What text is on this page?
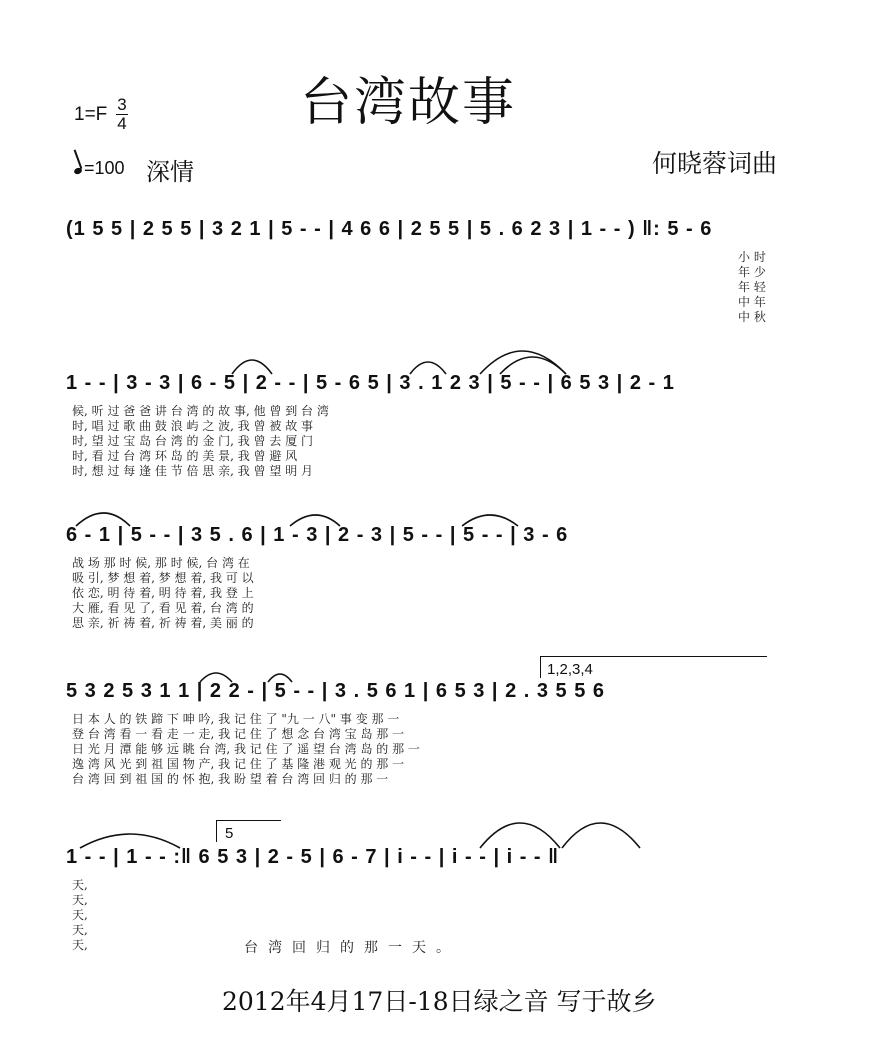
台湾故事
1=F 3
4
=100 深情	何晓蓉词曲
(1 5 5 | 2 5 5 | 3 2 1 | 5 - - | 4 6 6 | 2 5 5 | 5 . 6 2 3 | 1 - - ) ‖: 5 - 6
1 - - | 3 - 3 | 6 - 5 | 2 - - | 5 - 6 5 | 3 . 1 2 3 | 5 - - | 6 5 3 | 2 - 1
6 - 1 | 5 - - | 3 5 . 6 | 1 - 3 | 2 - 3 | 5 - - | 5 - - | 3 - 6
5 3 2 5 3 1 1 | 2 2 - | 5 - - | 3 . 5 6 1 | 6 5 3 | 2 . 3 5 5 6
1 - - | 1 - - :‖ 6 5 3 | 2 - 5 | 6 - 7 | i - - | i - - | i - - ‖
小 时
年 少
年 轻
中 年
中 秋
候, 听 过 爸 爸 讲 台 湾 的 故 事, 他 曾 到 台 湾
时, 唱 过 歌 曲 鼓 浪 屿 之 波, 我 曾 被 故 事
时, 望 过 宝 岛 台 湾 的 金 门, 我 曾 去 厦 门
时, 看 过 台 湾 环 岛 的 美 景, 我 曾 避 风
时, 想 过 每 逢 佳 节 倍 思 亲, 我 曾 望 明 月
战 场 那 时 候, 那 时 候, 台 湾 在
吸 引, 梦 想 着, 梦 想 着, 我 可 以
依 恋, 明 待 着, 明 待 着, 我 登 上
大 雁, 看 见 了, 看 见 着, 台 湾 的
思 亲, 祈 祷 着, 祈 祷 着, 美 丽 的
日 本 人 的 铁 蹄 下 呻 吟, 我 记 住 了 "九 一 八" 事 变 那 一
登 台 湾 看 一 看 走 一 走, 我 记 住 了 想 念 台 湾 宝 岛 那 一
日 光 月 潭 能 够 远 眺 台 湾, 我 记 住 了 遥 望 台 湾 岛 的 那 一
逸 湾 风 光 到 祖 国 物 产, 我 记 住 了 基 隆 港 观 光 的 那 一
台 湾 回 到 祖 国 的 怀 抱, 我 盼 望 着 台 湾 回 归 的 那 一
天,
天,
天,
天,
天,	台湾回归的那一天。
1,2,3,4
5
2012年4月17日-18日绿之音 写于故乡
